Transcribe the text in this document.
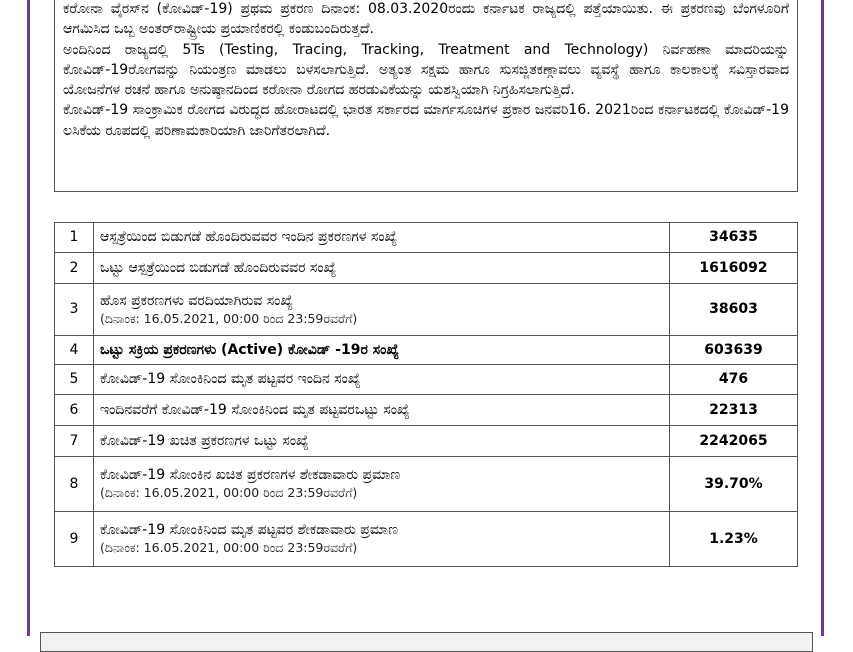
ಕರೋನಾ ವೈರಸ್‌ನ (ಕೋವಿಡ್‌-19) ಪ್ರಥಮ ಪ್ರಕರಣ ದಿನಾಂಕ: 08.03.2020ರಂದು ಕರ್ನಾಟಕ ರಾಜ್ಯದಲ್ಲಿ ಪತ್ತೆಯಾಯಿತು. ಈ ಪ್ರಕರಣವು ಬೆಂಗಳೂರಿಗೆ ಆಗಮಿಸಿದ ಒಬ್ಬ ಅಂತರ್‌ರಾಷ್ಟ್ರೀಯ ಪ್ರಯಾಣಿಕರಲ್ಲಿ ಕಂಡುಬಂದಿರುತ್ತದೆ.

ಅಂದಿನಿಂದ ರಾಜ್ಯದಲ್ಲಿ 5Ts (Testing, Tracing, Tracking, Treatment and Technology) ನಿರ್ವಹಣಾ ಮಾದರಿಯನ್ನು ಕೋವಿಡ್‌-19ರೋಗವನ್ನು ನಿಯಂತ್ರಣ ಮಾಡಲು ಬಳಸಲಾಗುತ್ತಿದೆ. ಅತ್ಯಂತ ಸಕ್ಷಮ ಹಾಗೂ ಸುಸಜ್ಜಿತಕಣ್ಗಾವಲು ವ್ಯವಸ್ಥೆ ಹಾಗೂ ಕಾಲಕಾಲಕ್ಕೆ ಸವಿಸ್ತಾರವಾದ ಯೋಜನೆಗಳ ರಚನೆ ಹಾಗೂ ಅನುಷ್ಠಾನದಿಂದ ಕರೋನಾ ರೋಗದ ಹರಡುವಿಕೆಯನ್ನು ಯಶಸ್ವಿಯಾಗಿ ನಿಗ್ರಹಿಸಲಾಗುತ್ತಿದೆ.

ಕೋವಿಡ್‌-19 ಸಾಂಕ್ರಾಮಿಕ ರೋಗದ ವಿರುದ್ಧದ ಹೋರಾಟದಲ್ಲಿ ಭಾರತ ಸರ್ಕಾರದ ಮಾರ್ಗಸೂಚಿಗಳ ಪ್ರಕಾರ ಜನವರಿ16. 2021ರಿಂದ ಕರ್ನಾಟಕದಲ್ಲಿ ಕೋವಿಡ್‌-19 ಲಸಿಕೆಯ ರೂಪದಲ್ಲಿ ಪರಿಣಾಮಕಾರಿಯಾಗಿ ಜಾರಿಗೆತರಲಾಗಿದೆ.

1	ಆಸ್ಪತ್ರೆಯಿಂದ ಬಿಡುಗಡೆ ಹೊಂದಿರುವವರ ಇಂದಿನ ಪ್ರಕರಣಗಳ ಸಂಖ್ಯೆ	34635
2	ಒಟ್ಟು ಆಸ್ಪತ್ರೆಯಿಂದ ಬಿಡುಗಡೆ ಹೊಂದಿರುವವರ ಸಂಖ್ಯೆ	1616092
3	ಹೊಸ ಪ್ರಕರಣಗಳು ವರದಿಯಾಗಿರುವ ಸಂಖ್ಯೆ
(ದಿನಾಂಕ: 16.05.2021, 00:00 ರಿಂದ 23:59ರವರೆಗೆ)	38603
4	ಒಟ್ಟು ಸಕ್ರಿಯ ಪ್ರಕರಣಗಳು (Active) ಕೋವಿಡ್‌ -19ರ ಸಂಖ್ಯೆ	603639
5	ಕೋವಿಡ್‌-19 ಸೋಂಕಿನಿಂದ ಮೃತ ಪಟ್ಟವರ ಇಂದಿನ ಸಂಖ್ಯೆ	476
6	ಇಂದಿನವರೆಗೆ ಕೋವಿಡ್‌-19 ಸೋಂಕಿನಿಂದ ಮೃತ ಪಟ್ಟವರಒಟ್ಟು ಸಂಖ್ಯೆ	22313
7	ಕೋವಿಡ್‌-19 ಖಚಿತ ಪ್ರಕರಣಗಳ ಒಟ್ಟು ಸಂಖ್ಯೆ	2242065
8	ಕೋವಿಡ್‌-19 ಸೋಂಕಿನ ಖಚಿತ ಪ್ರಕರಣಗಳ ಶೇಕಡಾವಾರು ಪ್ರಮಾಣ
(ದಿನಾಂಕ: 16.05.2021, 00:00 ರಿಂದ 23:59ರವರೆಗೆ)	39.70%
9	ಕೋವಿಡ್‌-19 ಸೋಂಕಿನಿಂದ ಮೃತ ಪಟ್ಟವರ ಶೇಕಡಾವಾರು ಪ್ರಮಾಣ
(ದಿನಾಂಕ: 16.05.2021, 00:00 ರಿಂದ 23:59ರವರೆಗೆ)	1.23%
